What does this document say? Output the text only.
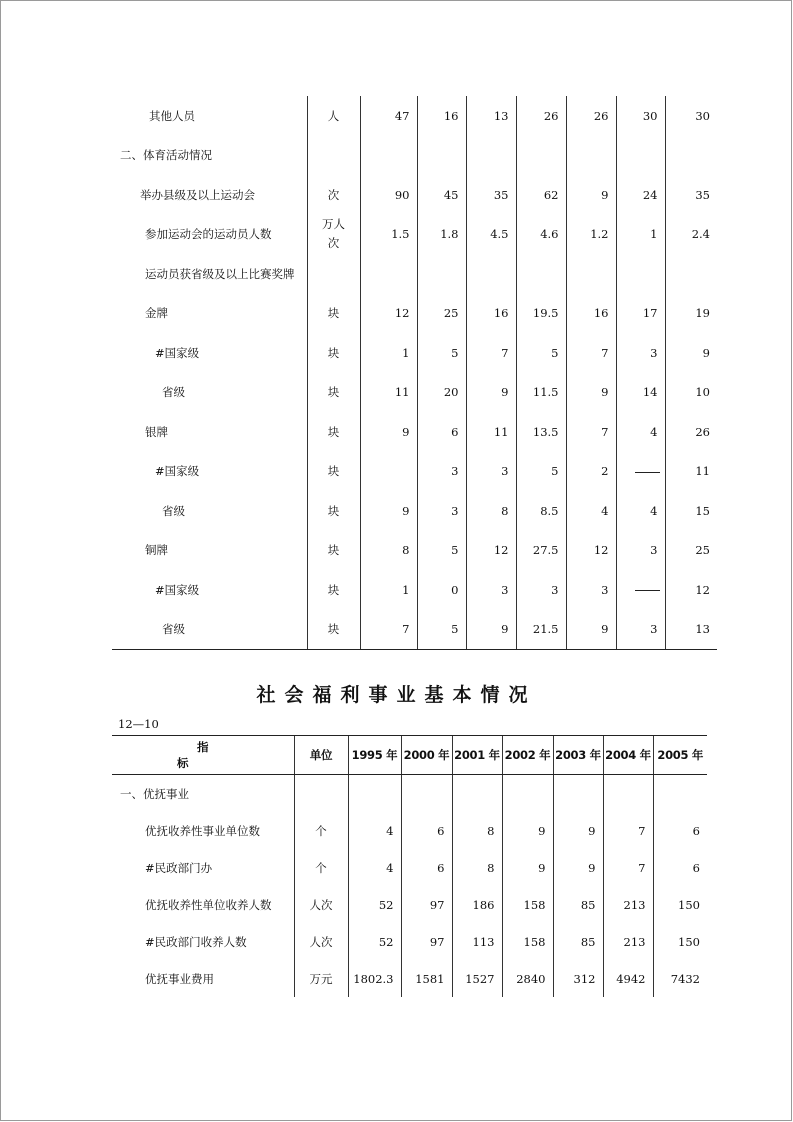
其他人员	人	47	16	13	26	26	30	30
二、体育活动情况								
举办县级及以上运动会	次	90	45	35	62	9	24	35
参加运动会的运动员人数	万人次	1.5	1.8	4.5	4.6	1.2	1	2.4
运动员获省级及以上比赛奖牌								
金牌	块	12	25	16	19.5	16	17	19
#国家级	块	1	5	7	5	7	3	9
省级	块	11	20	9	11.5	9	14	10
银牌	块	9	6	11	13.5	7	4	26
#国家级	块		3	3	5	2		11
省级	块	9	3	8	8.5	4	4	15
铜牌	块	8	5	12	27.5	12	3	25
#国家级	块	1	0	3	3	3		12
省级	块	7	5	9	21.5	9	3	13
社会福利事业基本情况
12—10
指 标	单位	1995 年	2000 年	2001 年	2002 年	2003 年	2004 年	2005 年
一、优抚事业								
优抚收养性事业单位数	个	4	6	8	9	9	7	6
#民政部门办	个	4	6	8	9	9	7	6
优抚收养性单位收养人数	人次	52	97	186	158	85	213	150
#民政部门收养人数	人次	52	97	113	158	85	213	150
优抚事业费用	万元	1802.3	1581	1527	2840	312	4942	7432
